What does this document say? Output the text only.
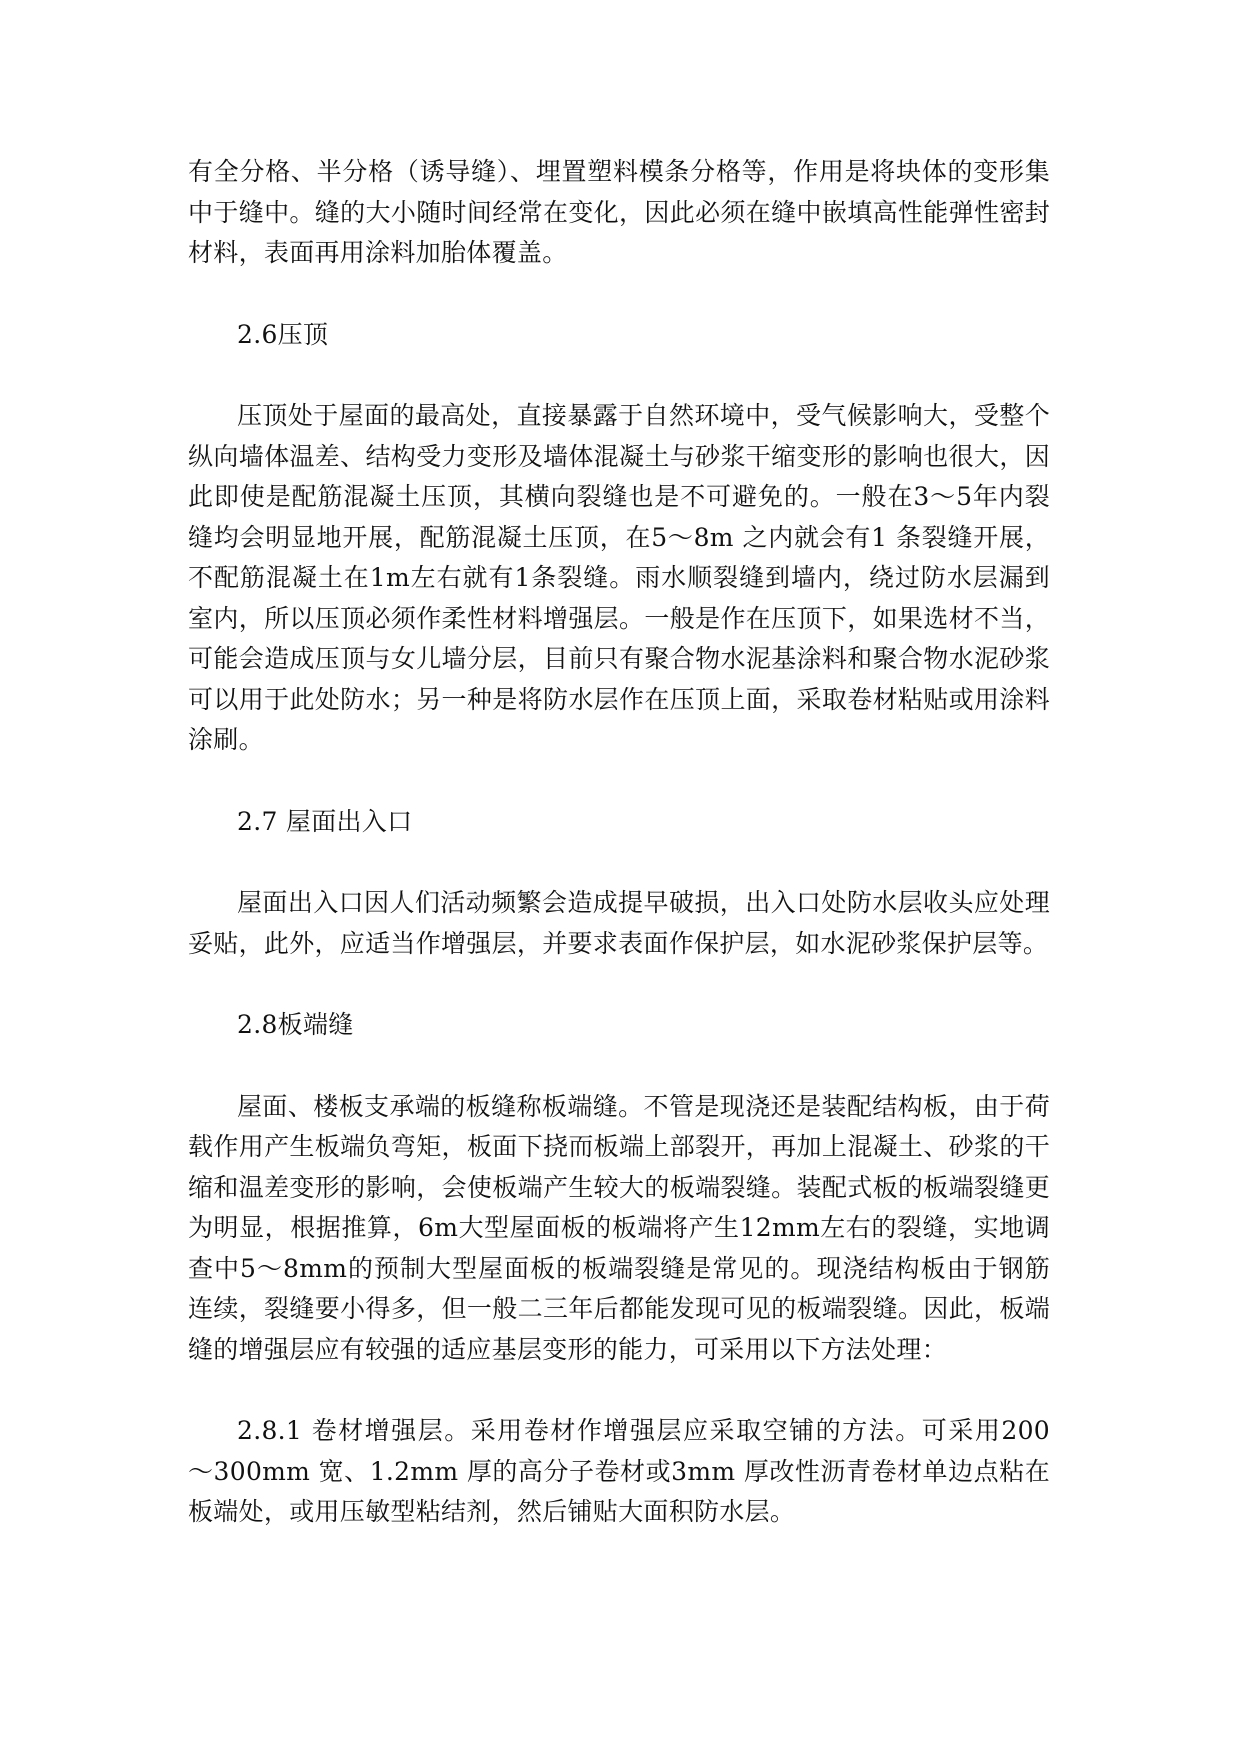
有全分格、半分格（诱导缝）、埋置塑料模条分格等，作用是将块体的变形集中于缝中。缝的大小随时间经常在变化，因此必须在缝中嵌填高性能弹性密封材料，表面再用涂料加胎体覆盖。

2.6压顶

压顶处于屋面的最高处，直接暴露于自然环境中，受气候影响大，受整个纵向墙体温差、结构受力变形及墙体混凝土与砂浆干缩变形的影响也很大，因此即使是配筋混凝土压顶，其横向裂缝也是不可避免的。一般在3～5年内裂缝均会明显地开展，配筋混凝土压顶，在5～8m 之内就会有1 条裂缝开展，不配筋混凝土在1m左右就有1条裂缝。雨水顺裂缝到墙内，绕过防水层漏到室内，所以压顶必须作柔性材料增强层。一般是作在压顶下，如果选材不当，可能会造成压顶与女儿墙分层，目前只有聚合物水泥基涂料和聚合物水泥砂浆可以用于此处防水；另一种是将防水层作在压顶上面，采取卷材粘贴或用涂料涂刷。

2.7 屋面出入口

屋面出入口因人们活动频繁会造成提早破损，出入口处防水层收头应处理妥贴，此外，应适当作增强层，并要求表面作保护层，如水泥砂浆保护层等。

2.8板端缝

屋面、楼板支承端的板缝称板端缝。不管是现浇还是装配结构板，由于荷载作用产生板端负弯矩，板面下挠而板端上部裂开，再加上混凝土、砂浆的干缩和温差变形的影响，会使板端产生较大的板端裂缝。装配式板的板端裂缝更为明显，根据推算，6m大型屋面板的板端将产生12mm左右的裂缝，实地调查中5～8mm的预制大型屋面板的板端裂缝是常见的。现浇结构板由于钢筋连续，裂缝要小得多，但一般二三年后都能发现可见的板端裂缝。因此，板端缝的增强层应有较强的适应基层变形的能力，可采用以下方法处理：

2.8.1 卷材增强层。采用卷材作增强层应采取空铺的方法。可采用200 ～300mm 宽、1.2mm 厚的高分子卷材或3mm 厚改性沥青卷材单边点粘在板端处，或用压敏型粘结剂，然后铺贴大面积防水层。
